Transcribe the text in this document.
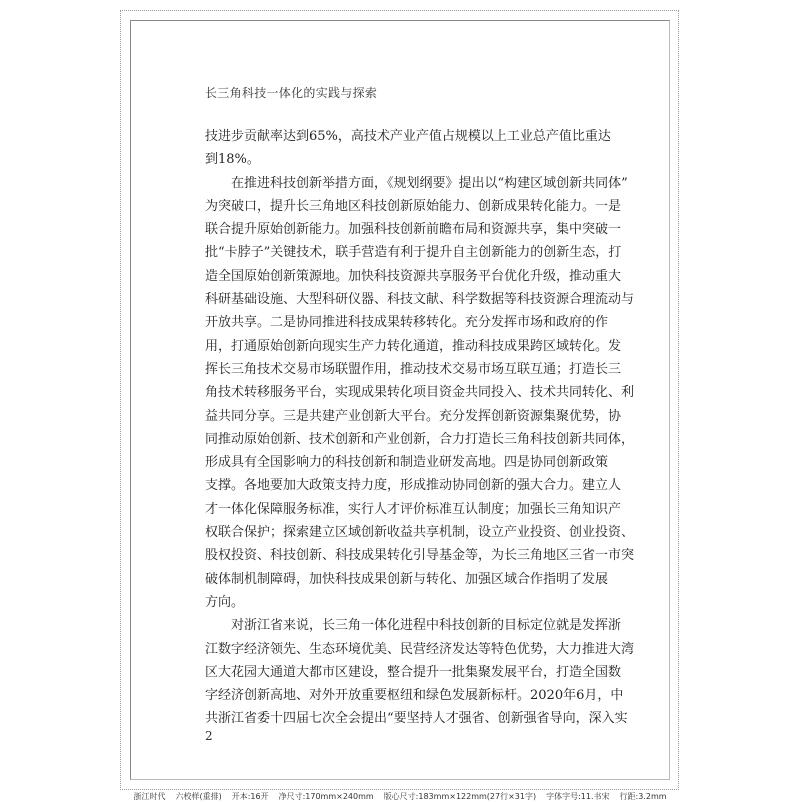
长三角科技一体化的实践与探索
技进步贡献率达到65%，高技术产业产值占规模以上工业总产值比重达
到18%。
在推进科技创新举措方面，《规划纲要》提出以“构建区域创新共同体”
为突破口，提升长三角地区科技创新原始能力、创新成果转化能力。一是
联合提升原始创新能力。加强科技创新前瞻布局和资源共享，集中突破一
批“卡脖子”关键技术，联手营造有利于提升自主创新能力的创新生态，打
造全国原始创新策源地。加快科技资源共享服务平台优化升级，推动重大
科研基础设施、大型科研仪器、科技文献、科学数据等科技资源合理流动与
开放共享。二是协同推进科技成果转移转化。充分发挥市场和政府的作
用，打通原始创新向现实生产力转化通道，推动科技成果跨区域转化。发
挥长三角技术交易市场联盟作用，推动技术交易市场互联互通；打造长三
角技术转移服务平台，实现成果转化项目资金共同投入、技术共同转化、利
益共同分享。三是共建产业创新大平台。充分发挥创新资源集聚优势，协
同推动原始创新、技术创新和产业创新，合力打造长三角科技创新共同体，
形成具有全国影响力的科技创新和制造业研发高地。四是协同创新政策
支撑。各地要加大政策支持力度，形成推动协同创新的强大合力。建立人
才一体化保障服务标准，实行人才评价标准互认制度；加强长三角知识产
权联合保护；探索建立区域创新收益共享机制，设立产业投资、创业投资、
股权投资、科技创新、科技成果转化引导基金等，为长三角地区三省一市突
破体制机制障碍，加快科技成果创新与转化、加强区域合作指明了发展
方向。
对浙江省来说，长三角一体化进程中科技创新的目标定位就是发挥浙
江数字经济领先、生态环境优美、民营经济发达等特色优势，大力推进大湾
区大花园大通道大都市区建设，整合提升一批集聚发展平台，打造全国数
字经济创新高地、对外开放重要枢纽和绿色发展新标杆。2020年6月，中
共浙江省委十四届七次全会提出“要坚持人才强省、创新强省导向，深入实
2
浙江时代 六校样(重排) 开本:16开 净尺寸:170mm×240mm 版心尺寸:183mm×122mm(27行×31字) 字体字号:11.书宋 行距:3.2mm
